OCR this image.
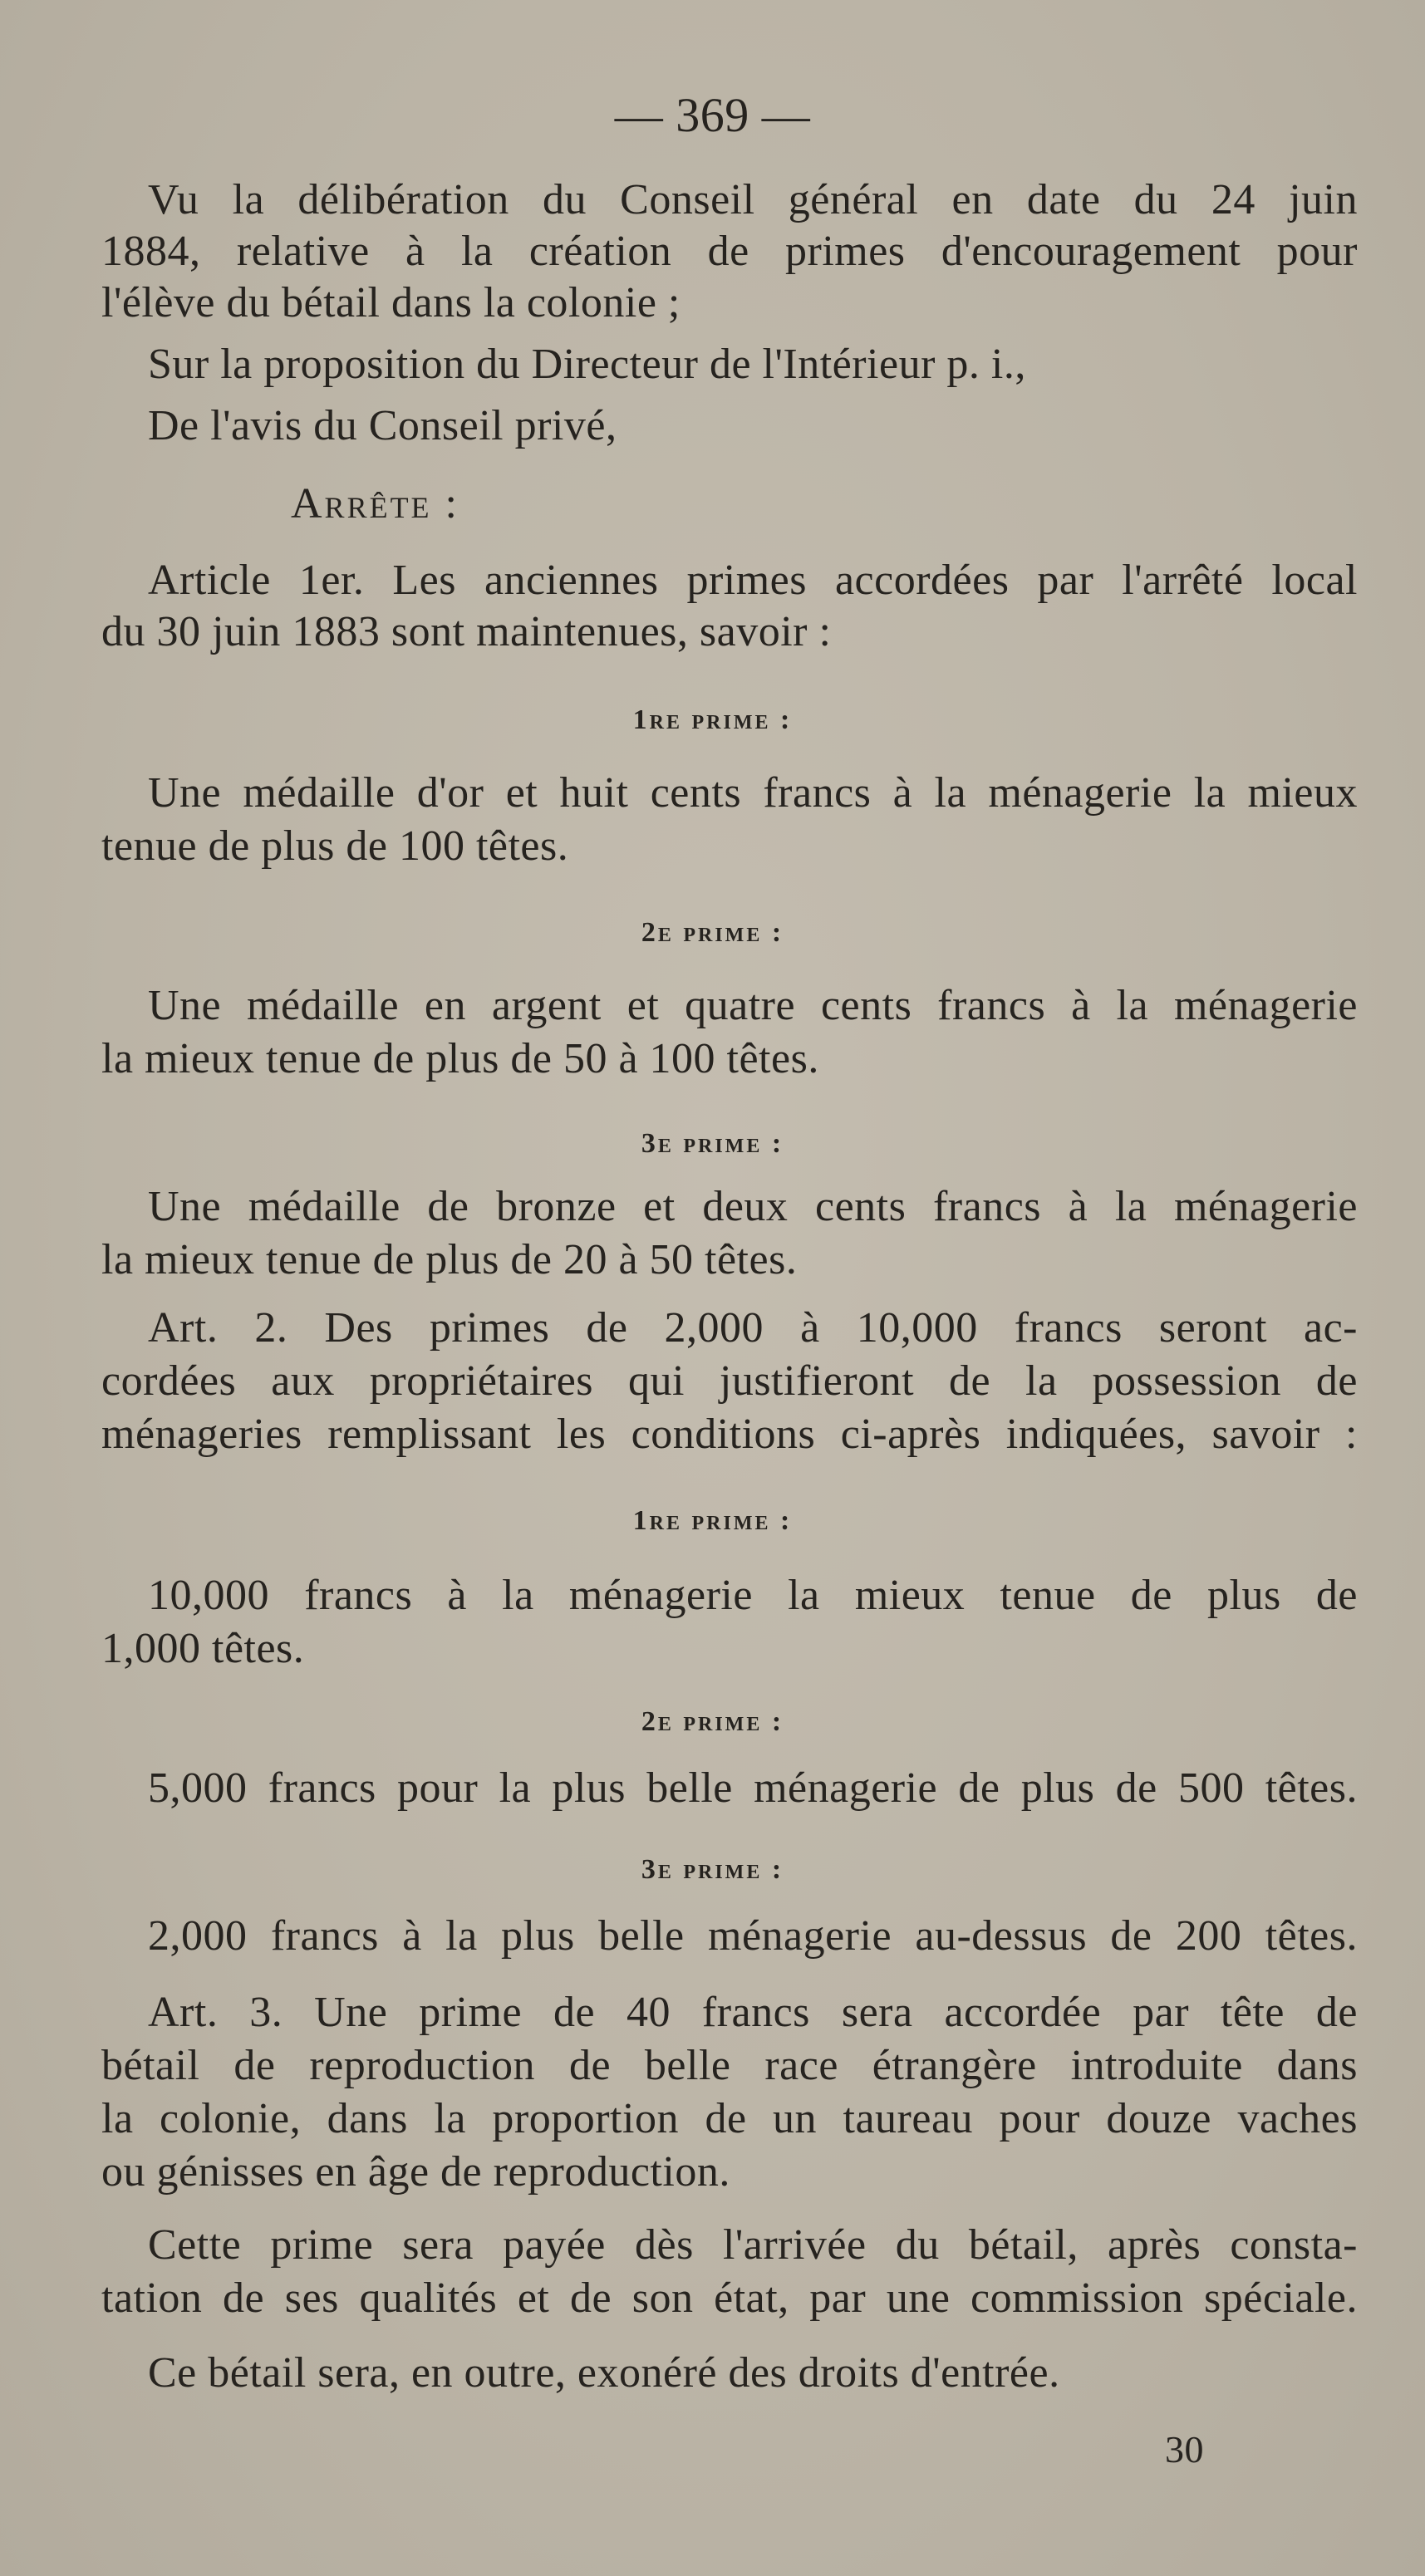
— 369 —
Vu la délibération du Conseil général en date du 24 juin
1884, relative à la création de primes d'encouragement pour
l'élève du bétail dans la colonie ;
Sur la proposition du Directeur de l'Intérieur p. i.,
De l'avis du Conseil privé,
Arrête :
Article 1er. Les anciennes primes accordées par l'arrêté local
du 30 juin 1883 sont maintenues, savoir :
1re prime :
Une médaille d'or et huit cents francs à la ménagerie la mieux
tenue de plus de 100 têtes.
2e prime :
Une médaille en argent et quatre cents francs à la ménagerie
la mieux tenue de plus de 50 à 100 têtes.
3e prime :
Une médaille de bronze et deux cents francs à la ménagerie
la mieux tenue de plus de 20 à 50 têtes.
Art. 2. Des primes de 2,000 à 10,000 francs seront ac-
cordées aux propriétaires qui justifieront de la possession de
ménageries remplissant les conditions ci-après indiquées, savoir :
1re prime :
10,000 francs à la ménagerie la mieux tenue de plus de
1,000 têtes.
2e prime :
5,000 francs pour la plus belle ménagerie de plus de 500 têtes.
3e prime :
2,000 francs à la plus belle ménagerie au-dessus de 200 têtes.
Art. 3. Une prime de 40 francs sera accordée par tête de
bétail de reproduction de belle race étrangère introduite dans
la colonie, dans la proportion de un taureau pour douze vaches
ou génisses en âge de reproduction.
Cette prime sera payée dès l'arrivée du bétail, après consta-
tation de ses qualités et de son état, par une commission spéciale.
Ce bétail sera, en outre, exonéré des droits d'entrée.
30
